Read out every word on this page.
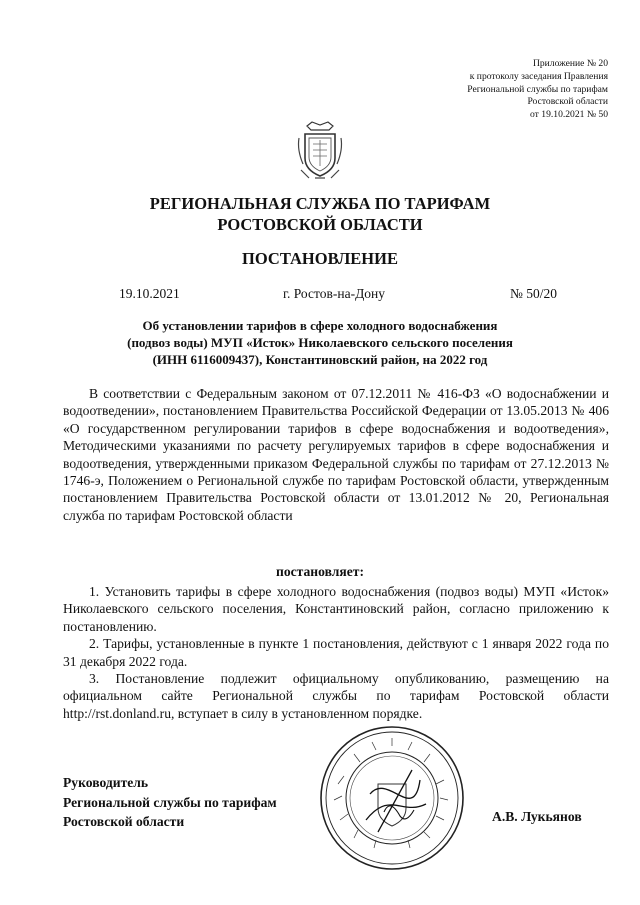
Приложение № 20
к протоколу заседания Правления
Региональной службы по тарифам
Ростовской области
от 19.10.2021 № 50
РЕГИОНАЛЬНАЯ СЛУЖБА ПО ТАРИФАМ
РОСТОВСКОЙ ОБЛАСТИ
ПОСТАНОВЛЕНИЕ
19.10.2021	г. Ростов-на-Дону	№ 50/20
Об установлении тарифов в сфере холодного водоснабжения
(подвоз воды) МУП «Исток» Николаевского сельского поселения
(ИНН 6116009437), Константиновский район, на 2022 год

В соответствии с Федеральным законом от 07.12.2011 № 416-ФЗ «О водоснабжении и водоотведении», постановлением Правительства Российской Федерации от 13.05.2013 № 406 «О государственном регулировании тарифов в сфере водоснабжения и водоотведения», Методическими указаниями по расчету регулируемых тарифов в сфере водоснабжения и водоотведения, утвержденными приказом Федеральной службы по тарифам от 27.12.2013 № 1746-э, Положением о Региональной службе по тарифам Ростовской области, утвержденным постановлением Правительства Ростовской области от 13.01.2012 № 20, Региональная служба по тарифам Ростовской области

постановляет:

1. Установить тарифы в сфере холодного водоснабжения (подвоз воды) МУП «Исток» Николаевского сельского поселения, Константиновский район, согласно приложению к постановлению.

2. Тарифы, установленные в пункте 1 постановления, действуют с 1 января 2022 года по 31 декабря 2022 года.

3. Постановление подлежит официальному опубликованию, размещению на официальном сайте Региональной службы по тарифам Ростовской области http://rst.donland.ru, вступает в силу в установленном порядке.

Руководитель
Региональной службы по тарифам
Ростовской области	А.В. Лукьянов
